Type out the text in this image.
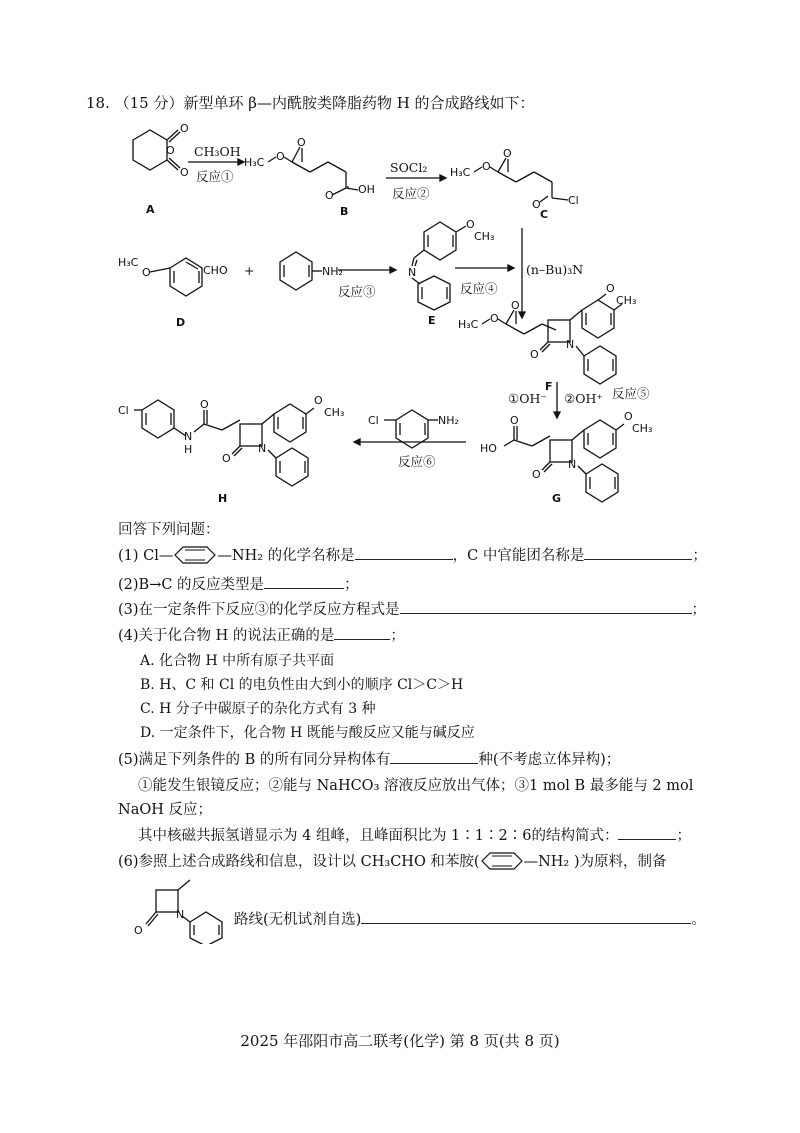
18. （15 分）新型单环 β—内酰胺类降脂药物 H 的合成路线如下：
O
O
O
A
CH₃OH
反应①
H₃C O
O
O OH
B
SOCl₂
反应②
H₃C O
O
O Cl
C
H₃C
O	CHO
D
+	NH₂
反应③
N
O
CH₃
E
反应④
(n–Bu)₃N
H₃C O
O
O
N
O
CH₃
F
①OH⁻ ②OH⁺ 反应⑤
HO
O
O
N
O
CH₃
G
Cl	NH₂
反应⑥
Cl
N
H
O
O
N
O
CH₃
H
回答下列问题：
(1) Cl—	—NH₂ 的化学名称是	，C 中官能团名称是	；
(2)B→C 的反应类型是	；
(3)在一定条件下反应③的化学反应方程式是	；
(4)关于化合物 H 的说法正确的是	；
A. 化合物 H 中所有原子共平面
B. H、C 和 Cl 的电负性由大到小的顺序 Cl＞C＞H
C. H 分子中碳原子的杂化方式有 3 种
D. 一定条件下，化合物 H 既能与酸反应又能与碱反应
(5)满足下列条件的 B 的所有同分异构体有	种(不考虑立体异构)；
①能发生银镜反应；②能与 NaHCO₃ 溶液反应放出气体；③1 mol B 最多能与 2 mol
NaOH 反应；
其中核磁共振氢谱显示为 4 组峰，且峰面积比为 1∶1∶2∶6的结构简式：	；
(6)参照上述合成路线和信息，设计以 CH₃CHO 和苯胺(	—NH₂ )为原料，制备
O
N	路线(无机试剂自选)	。
2025 年邵阳市高二联考(化学) 第 8 页(共 8 页)
